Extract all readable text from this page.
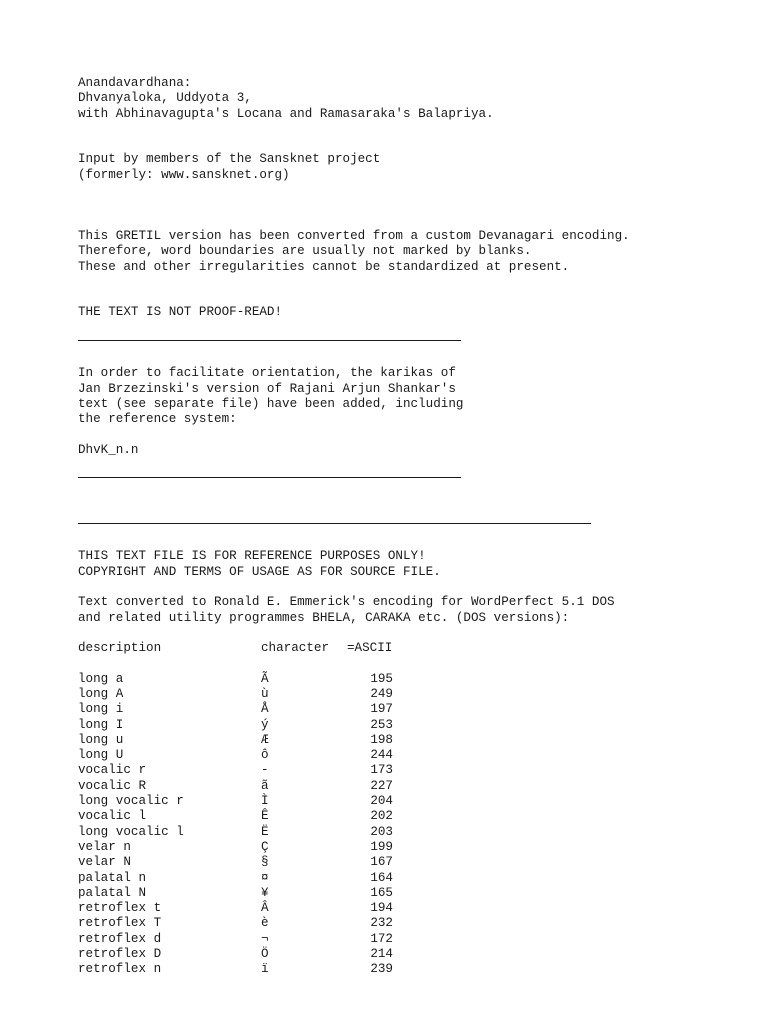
Anandavardhana:
Dhvanyaloka, Uddyota 3,
with Abhinavagupta's Locana and Ramasaraka's Balapriya.
Input by members of the Sansknet project
(formerly: www.sansknet.org)
This GRETIL version has been converted from a custom Devanagari encoding.
Therefore, word boundaries are usually not marked by blanks.
These and other irregularities cannot be standardized at present.
THE TEXT IS NOT PROOF-READ!
In order to facilitate orientation, the karikas of
Jan Brzezinski's version of Rajani Arjun Shankar's
text (see separate file) have been added, including
the reference system:
DhvK_n.n
THIS TEXT FILE IS FOR REFERENCE PURPOSES ONLY!
COPYRIGHT AND TERMS OF USAGE AS FOR SOURCE FILE.
Text converted to Ronald E. Emmerick's encoding for WordPerfect 5.1 DOS
and related utility programmes BHELA, CARAKA etc. (DOS versions):
description	character	=ASCII
long a	Ã	195
long A	ù	249
long i	Å	197
long I	ý	253
long u	Æ	198
long U	ô	244
vocalic r	-	173
vocalic R	ã	227
long vocalic r	Ì	204
vocalic l	Ê	202
long vocalic l	Ë	203
velar n	Ç	199
velar N	§	167
palatal n	¤	164
palatal N	¥	165
retroflex t	Â	194
retroflex T	è	232
retroflex d	¬	172
retroflex D	Ö	214
retroflex n	ï	239
